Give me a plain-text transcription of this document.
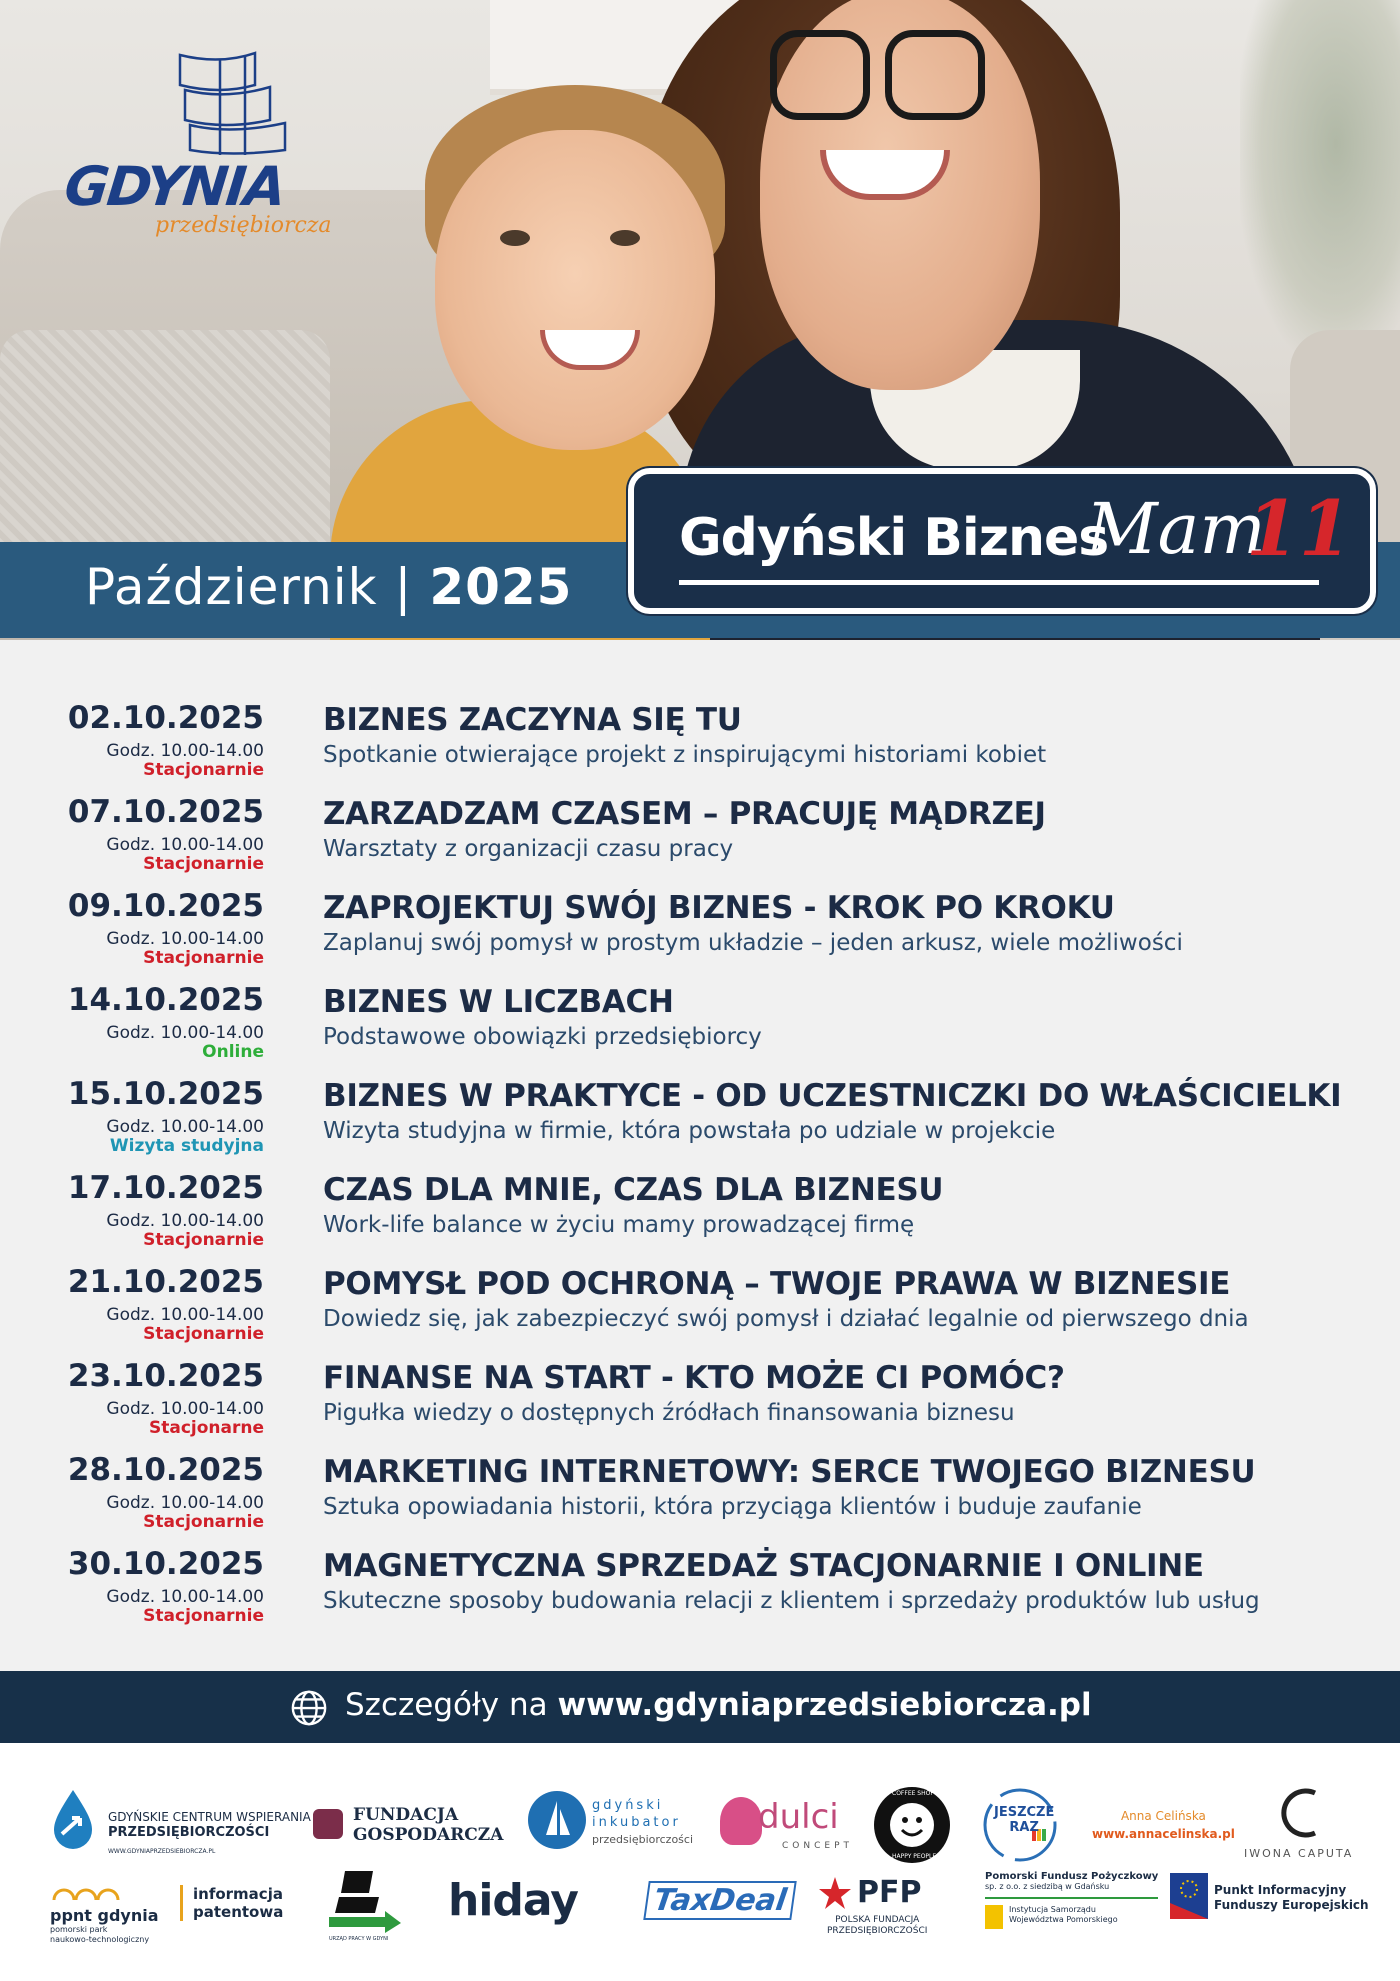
GDYNIA
przedsiębiorcza
Październik | 2025
Gdyński Biznes
Mam
11
02.10.2025
Godz. 10.00-14.00
Stacjonarnie
BIZNES ZACZYNA SIĘ TU
Spotkanie otwierające projekt z inspirującymi historiami kobiet
07.10.2025
Godz. 10.00-14.00
Stacjonarnie
ZARZADZAM CZASEM – PRACUJĘ MĄDRZEJ
Warsztaty z organizacji czasu pracy
09.10.2025
Godz. 10.00-14.00
Stacjonarnie
ZAPROJEKTUJ SWÓJ BIZNES - KROK PO KROKU
Zaplanuj swój pomysł w prostym układzie – jeden arkusz, wiele możliwości
14.10.2025
Godz. 10.00-14.00
Online
BIZNES W LICZBACH
Podstawowe obowiązki przedsiębiorcy
15.10.2025
Godz. 10.00-14.00
Wizyta studyjna
BIZNES W PRAKTYCE - OD UCZESTNICZKI DO WŁAŚCICIELKI
Wizyta studyjna w firmie, która powstała po udziale w projekcie
17.10.2025
Godz. 10.00-14.00
Stacjonarnie
CZAS DLA MNIE, CZAS DLA BIZNESU
Work-life balance w życiu mamy prowadzącej firmę
21.10.2025
Godz. 10.00-14.00
Stacjonarnie
POMYSŁ POD OCHRONĄ – TWOJE PRAWA W BIZNESIE
Dowiedz się, jak zabezpieczyć swój pomysł i działać legalnie od pierwszego dnia
23.10.2025
Godz. 10.00-14.00
Stacjonarne
FINANSE NA START - KTO MOŻE CI POMÓC?
Pigułka wiedzy o dostępnych źródłach finansowania biznesu
28.10.2025
Godz. 10.00-14.00
Stacjonarnie
MARKETING INTERNETOWY: SERCE TWOJEGO BIZNESU
Sztuka opowiadania historii, która przyciąga klientów i buduje zaufanie
30.10.2025
Godz. 10.00-14.00
Stacjonarnie
MAGNETYCZNA SPRZEDAŻ STACJONARNIE I ONLINE
Skuteczne sposoby budowania relacji z klientem i sprzedaży produktów lub usług
Szczegóły na www.gdyniaprzedsiebiorcza.pl
GDYŃSKIE CENTRUM WSPIERANIA
PRZEDSIĘBIORCZOŚCI
WWW.GDYNIAPRZEDSIEBIORCZA.PL
FUNDACJA
GOSPODARCZA
gdyński
inkubator
przedsiębiorczości
dulci
CONCEPT
COFFEE SHOP
HAPPY PEOPLE
JESZCZE
RAZ
Anna Celińska
www.annacelinska.pl
IWONA CAPUTA
ppnt gdynia
pomorski park
naukowo-technologiczny
informacja
patentowa
URZĄD PRACY W GDYNI
hiday TaxDeal PFP
POLSKA FUNDACJA
PRZEDSIĘBIORCZOŚCI
Pomorski Fundusz Pożyczkowy
sp. z o.o. z siedzibą w Gdańsku
Instytucja Samorządu
Województwa Pomorskiego
Punkt Informacyjny
Funduszy Europejskich
